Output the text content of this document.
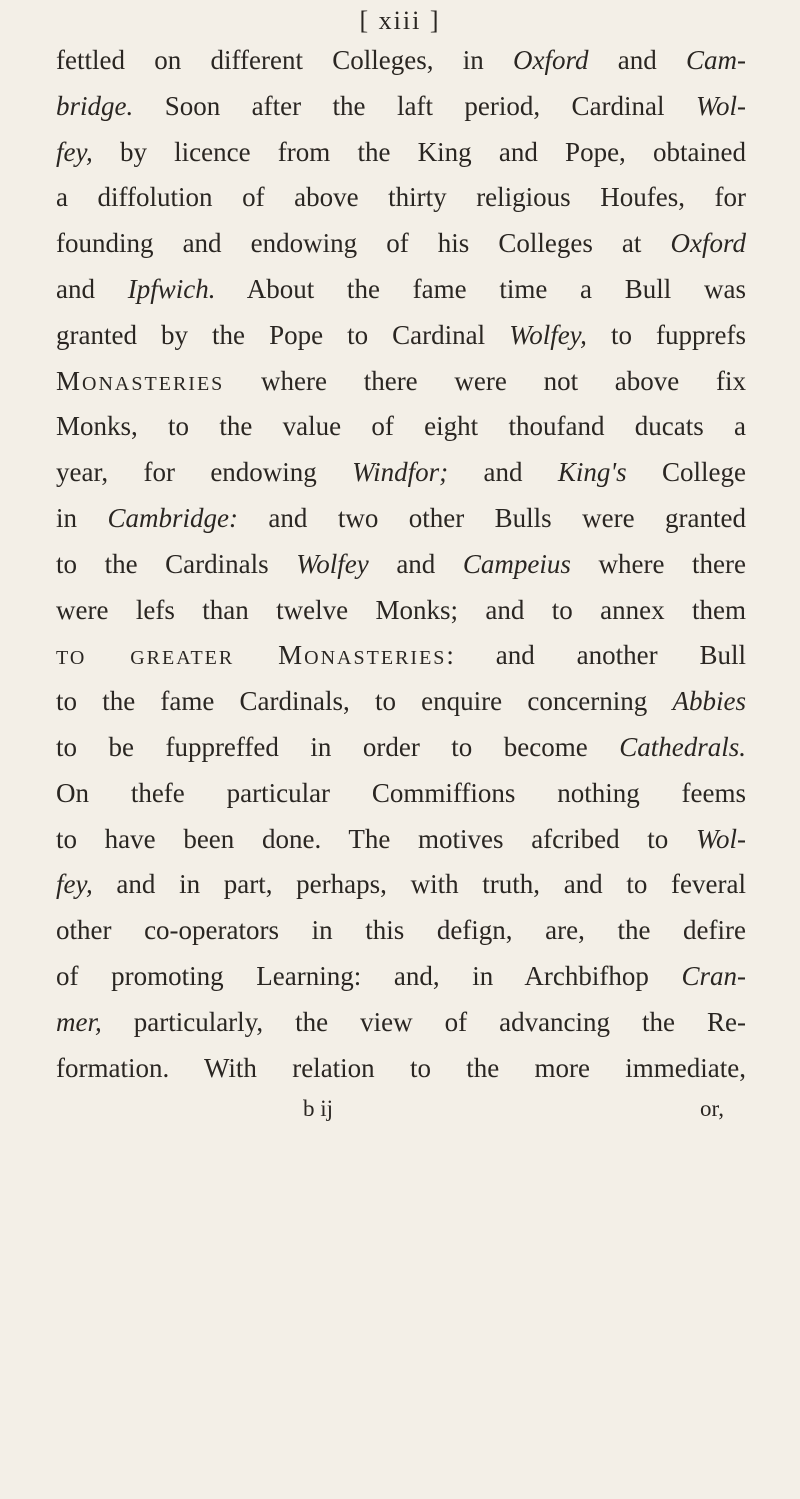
[ xiii ]
fettled on different Colleges, in Oxford and Cam-
bridge. Soon after the laft period, Cardinal Wol-
fey, by licence from the King and Pope, obtained
a diffolution of above thirty religious Houfes, for
founding and endowing of his Colleges at Oxford
and Ipfwich. About the fame time a Bull was
granted by the Pope to Cardinal Wolfey, to fupprefs
MONASTERIES where there were not above fix
Monks, to the value of eight thoufand ducats a
year, for endowing Windfor; and King's College
in Cambridge: and two other Bulls were granted
to the Cardinals Wolfey and Campeius where there
were lefs than twelve Monks; and to annex them
TO GREATER MONASTERIES: and another Bull
to the fame Cardinals, to enquire concerning Abbies
to be fuppreffed in order to become Cathedrals.
On thefe particular Commiffions nothing feems
to have been done. The motives afcribed to Wol-
fey, and in part, perhaps, with truth, and to feveral
other co-operators in this defign, are, the defire
of promoting Learning: and, in Archbifhop Cran-
mer, particularly, the view of advancing the Re-
formation. With relation to the more immediate,
b ij	or,
